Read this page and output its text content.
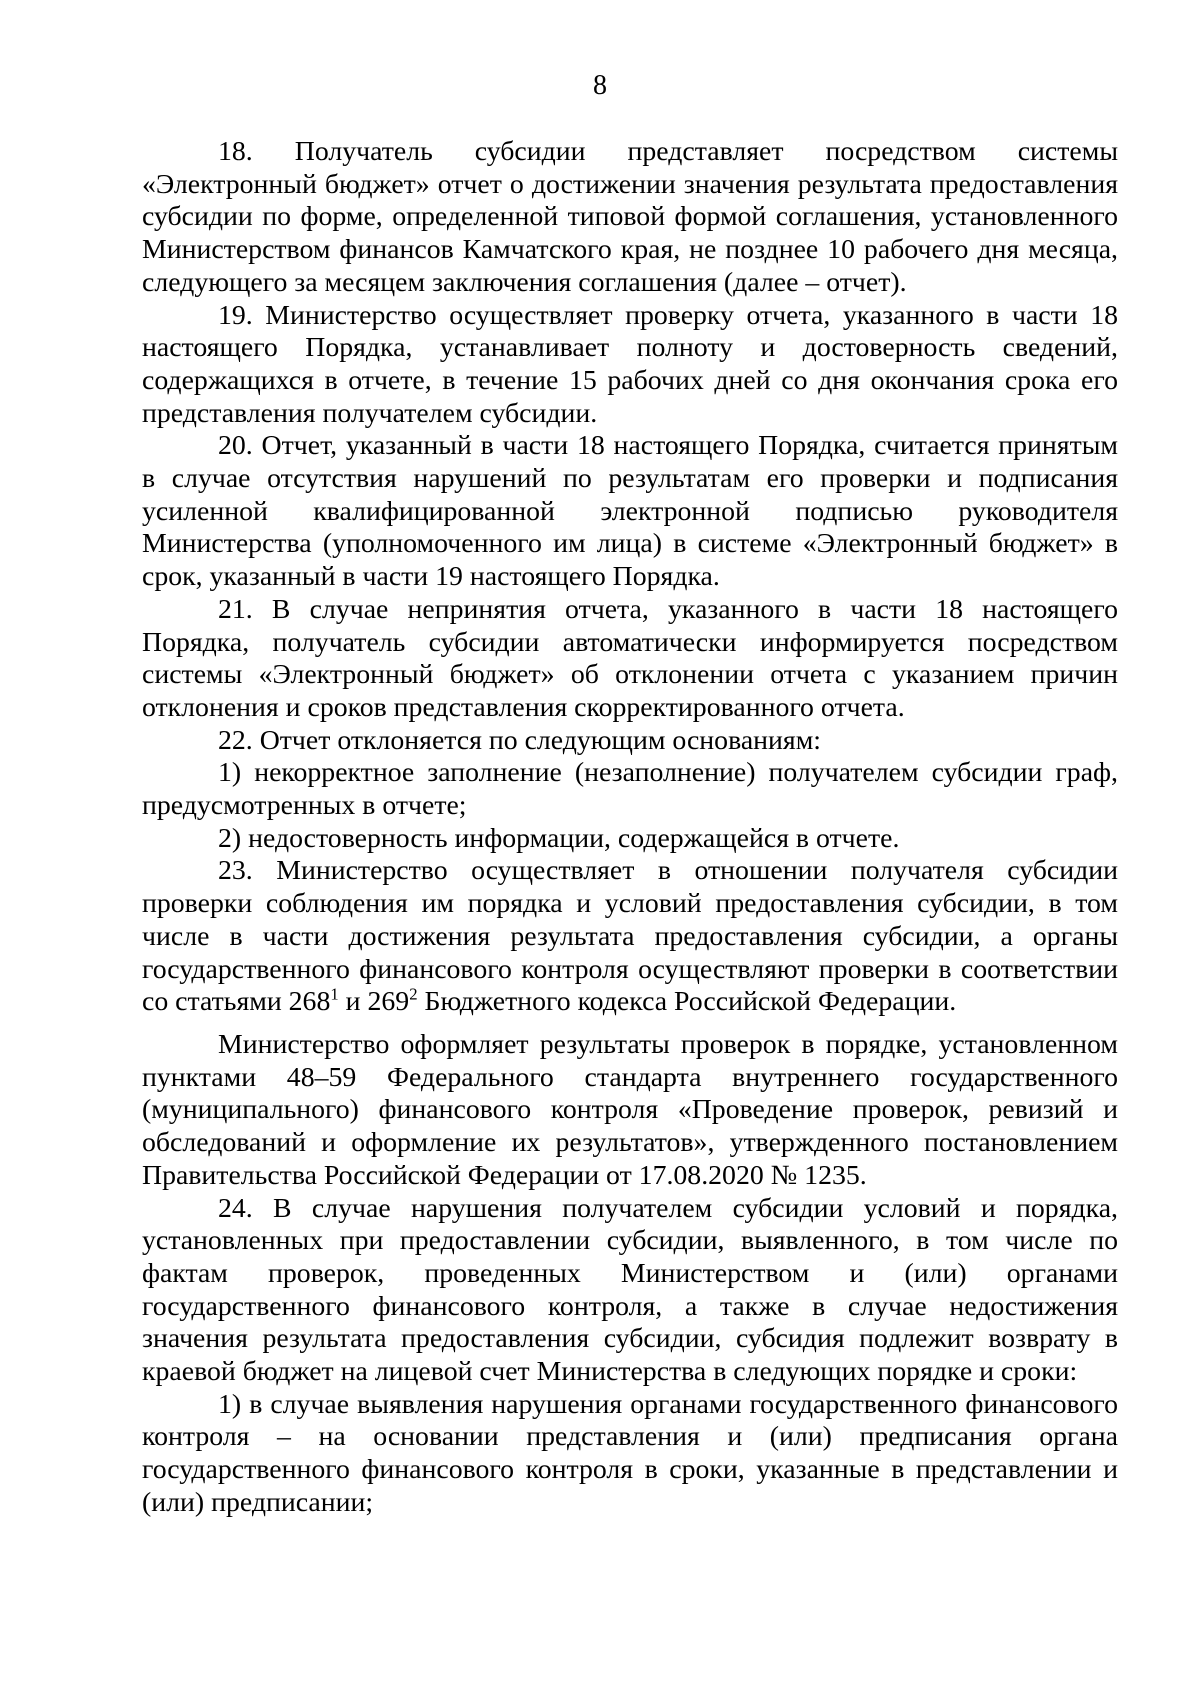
8

18. Получатель субсидии представляет посредством системы «Электронный бюджет» отчет о достижении значения результата предоставления субсидии по форме, определенной типовой формой соглашения, установленного Министерством финансов Камчатского края, не позднее 10 рабочего дня месяца, следующего за месяцем заключения соглашения (далее – отчет).

19. Министерство осуществляет проверку отчета, указанного в части 18 настоящего Порядка, устанавливает полноту и достоверность сведений, содержащихся в отчете, в течение 15 рабочих дней со дня окончания срока его представления получателем субсидии.

20. Отчет, указанный в части 18 настоящего Порядка, считается принятым в случае отсутствия нарушений по результатам его проверки и подписания усиленной квалифицированной электронной подписью руководителя Министерства (уполномоченного им лица) в системе «Электронный бюджет» в срок, указанный в части 19 настоящего Порядка.

21. В случае непринятия отчета, указанного в части 18 настоящего Порядка, получатель субсидии автоматически информируется посредством системы «Электронный бюджет» об отклонении отчета с указанием причин отклонения и сроков представления скорректированного отчета.

22. Отчет отклоняется по следующим основаниям:

1) некорректное заполнение (незаполнение) получателем субсидии граф, предусмотренных в отчете;

2) недостоверность информации, содержащейся в отчете.

23. Министерство осуществляет в отношении получателя субсидии проверки соблюдения им порядка и условий предоставления субсидии, в том числе в части достижения результата предоставления субсидии, а органы государственного финансового контроля осуществляют проверки в соответствии со статьями $268^1$ и $269^2$ Бюджетного кодекса Российской Федерации.

Министерство оформляет результаты проверок в порядке, установленном пунктами 48–59 Федерального стандарта внутреннего государственного (муниципального) финансового контроля «Проведение проверок, ревизий и обследований и оформление их результатов», утвержденного постановлением Правительства Российской Федерации от 17.08.2020 № 1235.

24. В случае нарушения получателем субсидии условий и порядка, установленных при предоставлении субсидии, выявленного, в том числе по фактам проверок, проведенных Министерством и (или) органами государственного финансового контроля, а также в случае недостижения значения результата предоставления субсидии, субсидия подлежит возврату в краевой бюджет на лицевой счет Министерства в следующих порядке и сроки:

1) в случае выявления нарушения органами государственного финансового контроля – на основании представления и (или) предписания органа государственного финансового контроля в сроки, указанные в представлении и (или) предписании;
